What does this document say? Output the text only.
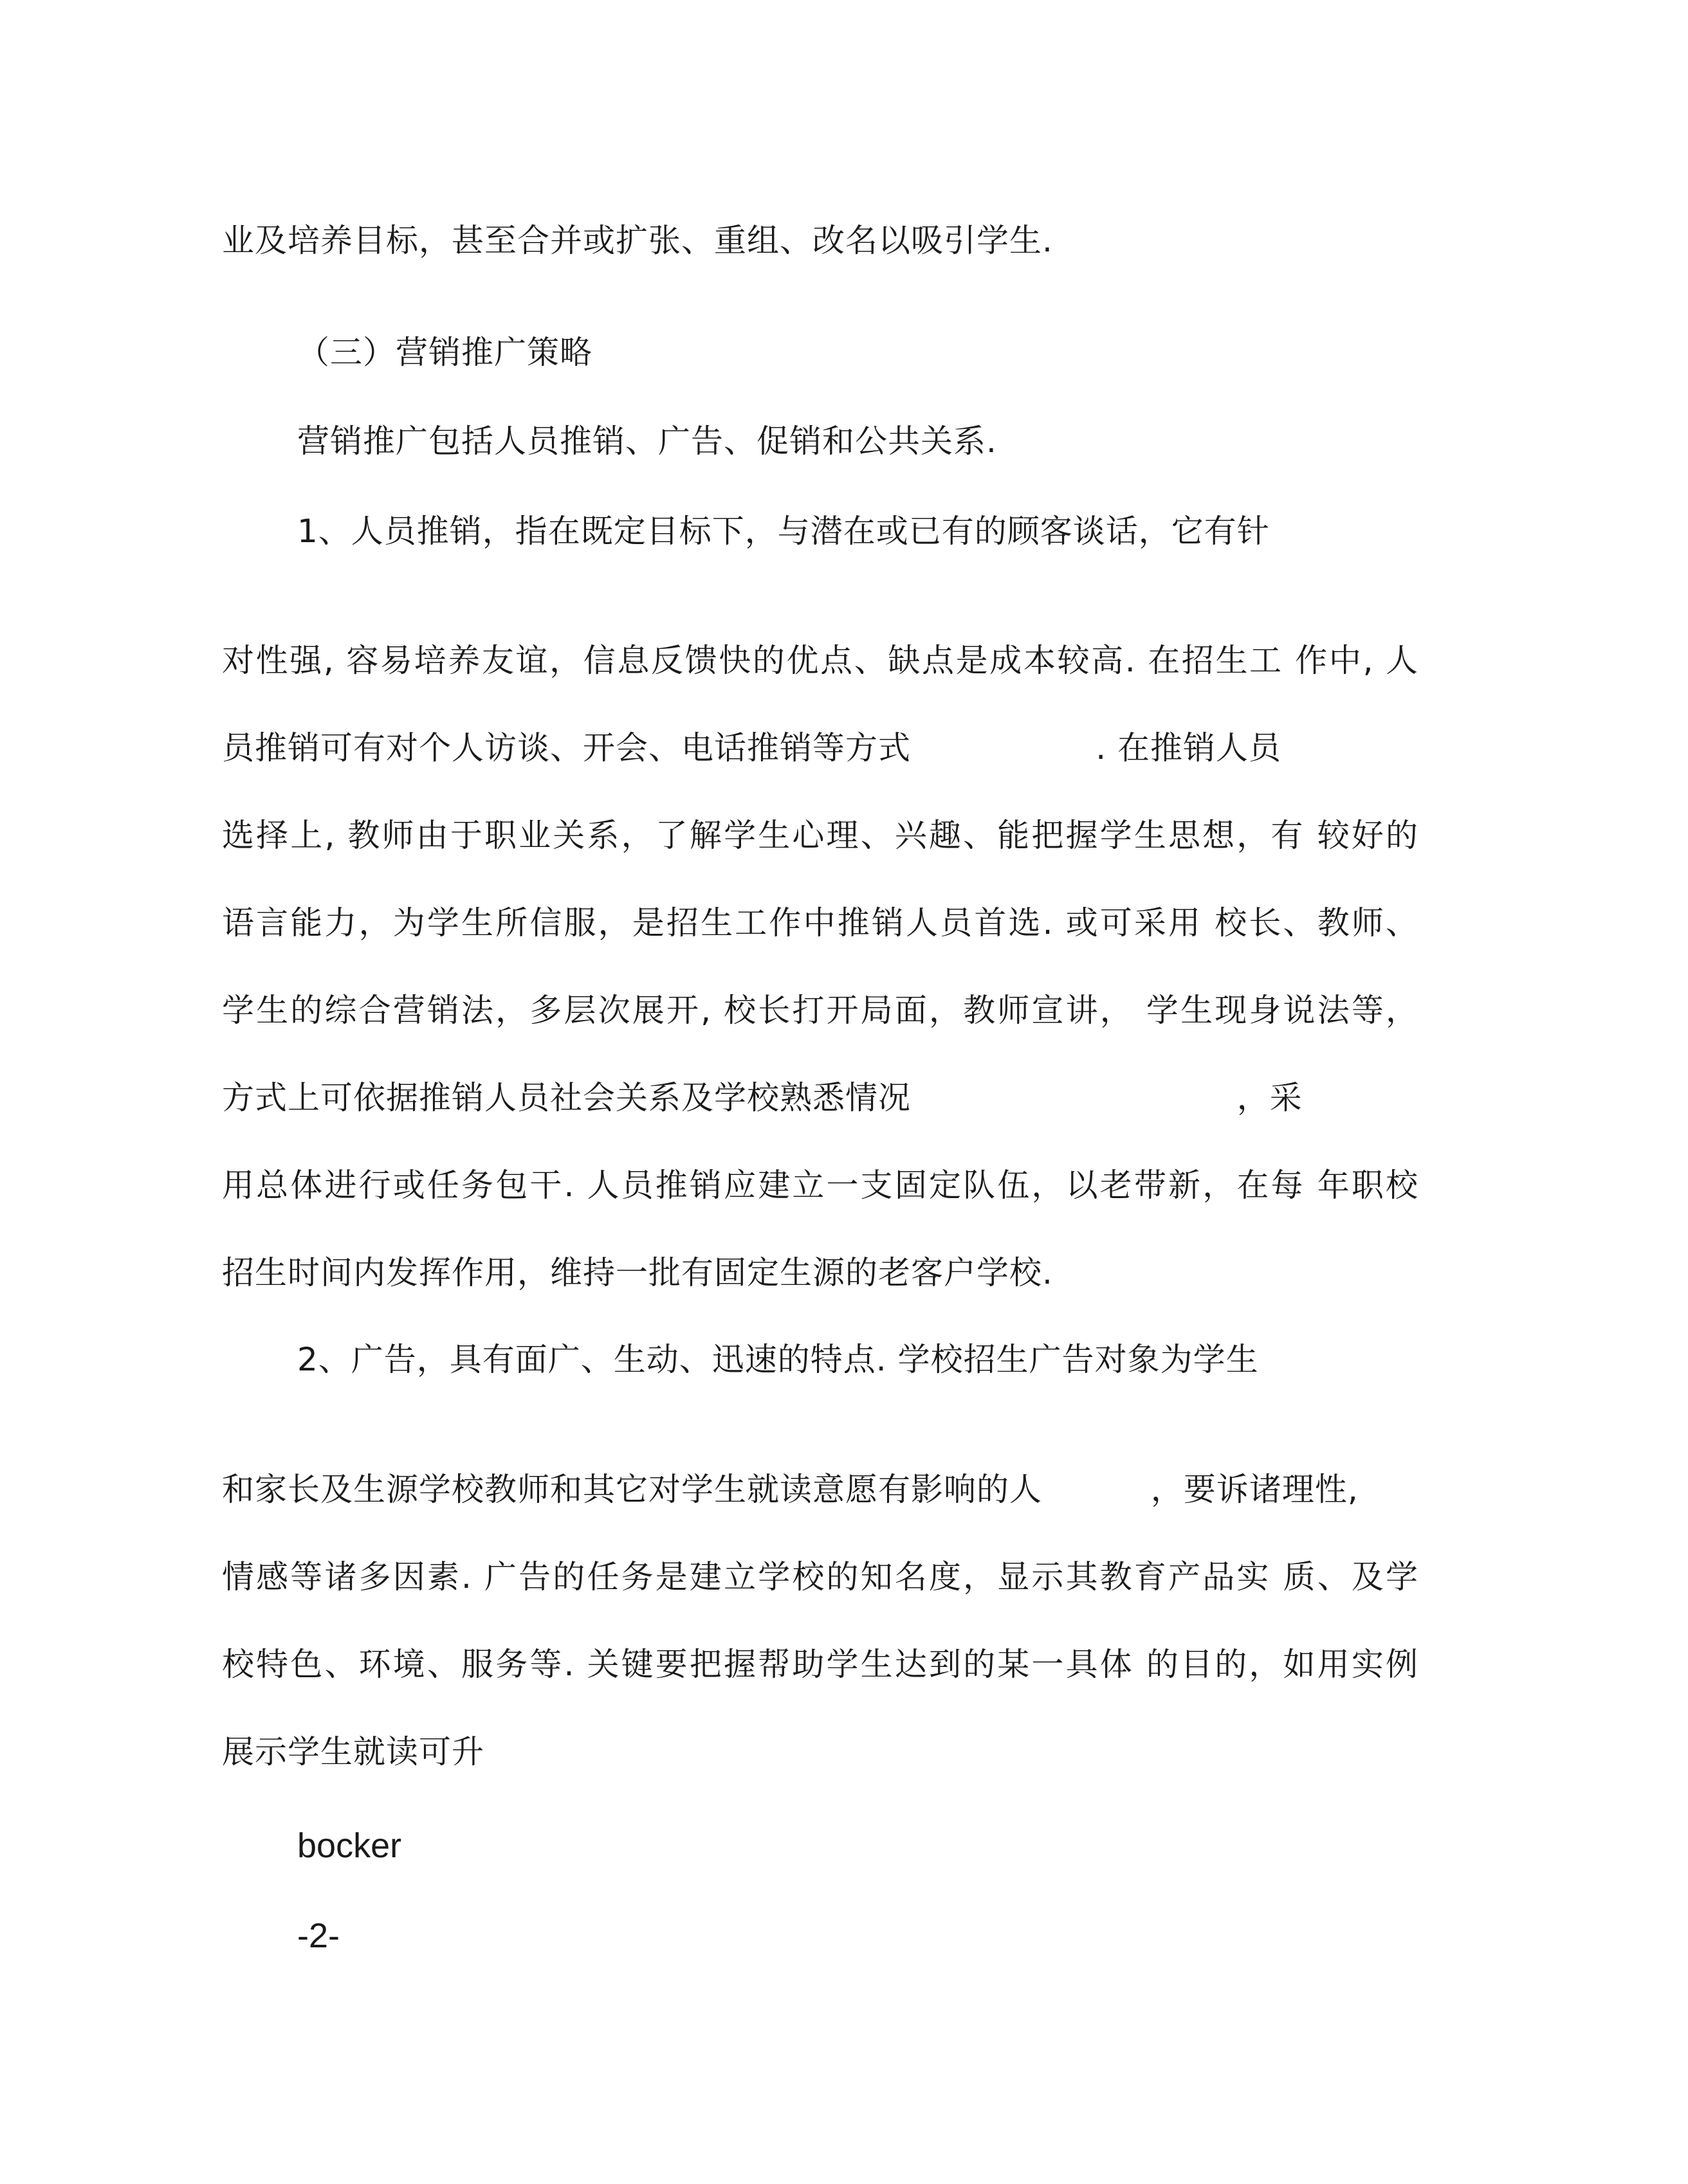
业及培养目标，甚至合并或扩张、重组、改名以吸引学生.
（三）营销推广策略
营销推广包括人员推销、广告、促销和公共关系.
1、人员推销，指在既定目标下，与潜在或已有的顾客谈话，它有针
对性强, 容易培养友谊，信息反馈快的优点、缺点是成本较高. 在招生工 作中, 人
员推销可有对个人访谈、开会、电话推销等方式                 . 在推销人员
选择上, 教师由于职业关系，了解学生心理、兴趣、能把握学生思想，有 较好的
语言能力，为学生所信服，是招生工作中推销人员首选. 或可采用 校长、教师、
学生的综合营销法，多层次展开, 校长打开局面，教师宣讲， 学生现身说法等，
方式上可依据推销人员社会关系及学校熟悉情况                              ，采
用总体进行或任务包干. 人员推销应建立一支固定队伍，以老带新，在每 年职校
招生时间内发挥作用，维持一批有固定生源的老客户学校.
2、广告，具有面广、生动、迅速的特点. 学校招生广告对象为学生
和家长及生源学校教师和其它对学生就读意愿有影响的人          ，要诉诸理性,
情感等诸多因素. 广告的任务是建立学校的知名度，显示其教育产品实 质、及学
校特色、环境、服务等. 关键要把握帮助学生达到的某一具体 的目的，如用实例
展示学生就读可升
bocker
-2-
